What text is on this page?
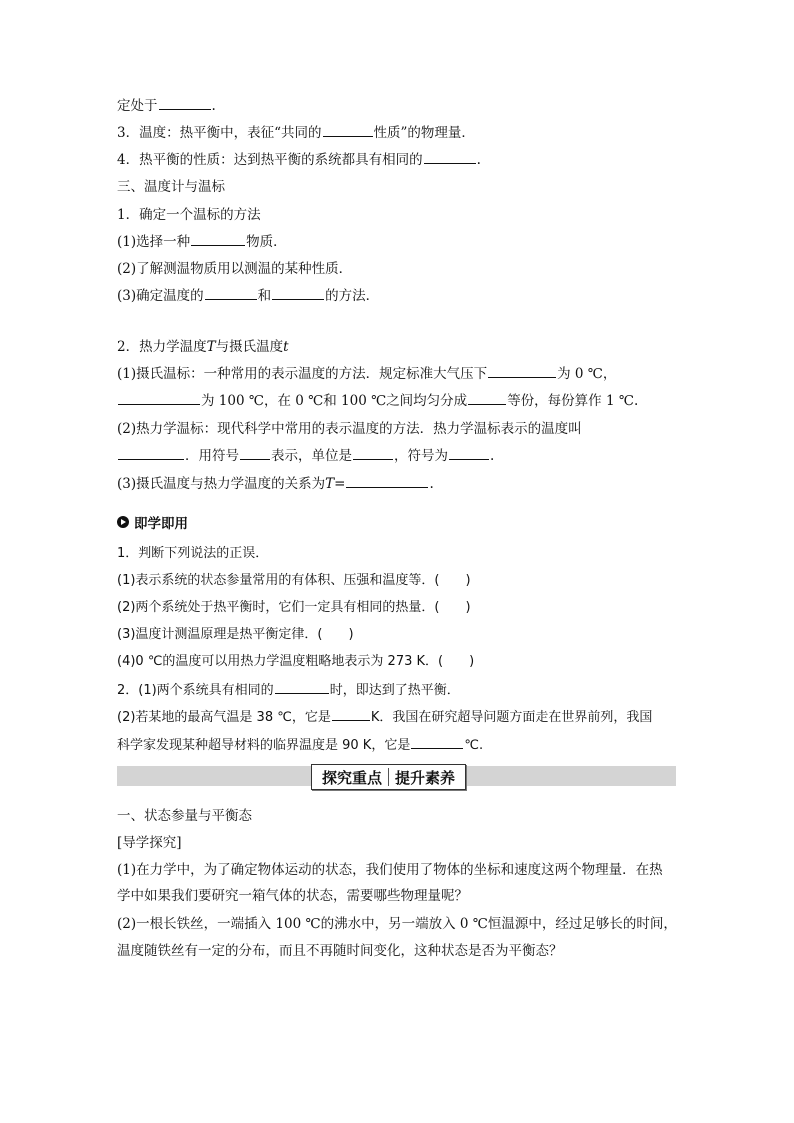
定处于	.
3．温度：热平衡中，表征“共同的	性质”的物理量．
4．热平衡的性质：达到热平衡的系统都具有相同的	.
三、温度计与温标
1．确定一个温标的方法
(1)选择一种	物质．
(2)了解测温物质用以测温的某种性质．
(3)确定温度的	和	的方法．
2．热力学温度T与摄氏温度t
(1)摄氏温标：一种常用的表示温度的方法．规定标准大气压下	为 0 ℃，
为 100 ℃，在 0 ℃和 100 ℃之间均匀分成	等份，每份算作 1 ℃.
(2)热力学温标：现代科学中常用的表示温度的方法．热力学温标表示的温度叫
．用符号 表示，单位是	，符号为	.
(3)摄氏温度与热力学温度的关系为T=	.
即学即用
1．判断下列说法的正误．
(1)表示系统的状态参量常用的有体积、压强和温度等．(　　)
(2)两个系统处于热平衡时，它们一定具有相同的热量．(　　)
(3)温度计测温原理是热平衡定律．(　　)
(4)0 ℃的温度可以用热力学温度粗略地表示为 273 K．(　　)
2．(1)两个系统具有相同的	时，即达到了热平衡．
(2)若某地的最高气温是 38 ℃，它是	K．我国在研究超导问题方面走在世界前列，我国
科学家发现某种超导材料的临界温度是 90 K，它是	℃.
探究重点 提升素养
一、状态参量与平衡态
[导学探究]
(1)在力学中，为了确定物体运动的状态，我们使用了物体的坐标和速度这两个物理量．在热
学中如果我们要研究一箱气体的状态，需要哪些物理量呢？
(2)一根长铁丝，一端插入 100 ℃的沸水中，另一端放入 0 ℃恒温源中，经过足够长的时间，
温度随铁丝有一定的分布，而且不再随时间变化，这种状态是否为平衡态？
